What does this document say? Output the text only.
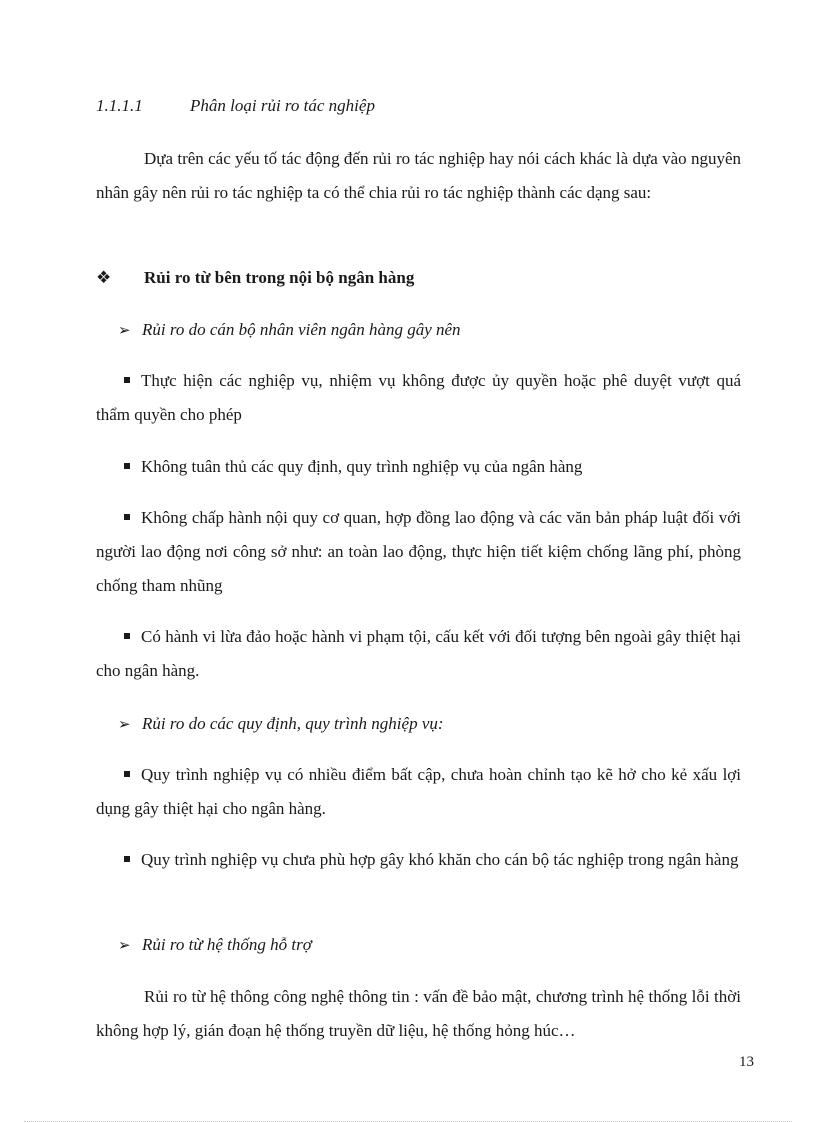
1.1.1.1	Phân loại rủi ro tác nghiệp
Dựa trên các yếu tố tác động đến rủi ro tác nghiệp hay nói cách khác là dựa vào nguyên nhân gây nên rủi ro tác nghiệp ta có thể chia rủi ro tác nghiệp thành các dạng sau:
❖ Rủi ro từ bên trong nội bộ ngân hàng
➢ Rủi ro do cán bộ nhân viên ngân hàng gây nên
Thực hiện các nghiệp vụ, nhiệm vụ không được ủy quyền hoặc phê duyệt vượt quá thẩm quyền cho phép
Không tuân thủ các quy định, quy trình nghiệp vụ của ngân hàng
Không chấp hành nội quy cơ quan, hợp đồng lao động và các văn bản pháp luật đối với người lao động nơi công sở như: an toàn lao động, thực hiện tiết kiệm chống lãng phí, phòng chống tham nhũng
Có hành vi lừa đảo hoặc hành vi phạm tội, cấu kết với đối tượng bên ngoài gây thiệt hại cho ngân hàng.
➢ Rủi ro do các quy định, quy trình nghiệp vụ:
Quy trình nghiệp vụ có nhiều điểm bất cập, chưa hoàn chỉnh tạo kẽ hở cho kẻ xấu lợi dụng gây thiệt hại cho ngân hàng.
Quy trình nghiệp vụ chưa phù hợp gây khó khăn cho cán bộ tác nghiệp trong ngân hàng
➢ Rủi ro từ hệ thống hỗ trợ
Rủi ro từ hệ thông công nghệ thông tin : vấn đề bảo mật, chương trình hệ thống lỗi thời không hợp lý, gián đoạn hệ thống truyền dữ liệu, hệ thống hỏng húc…
13
